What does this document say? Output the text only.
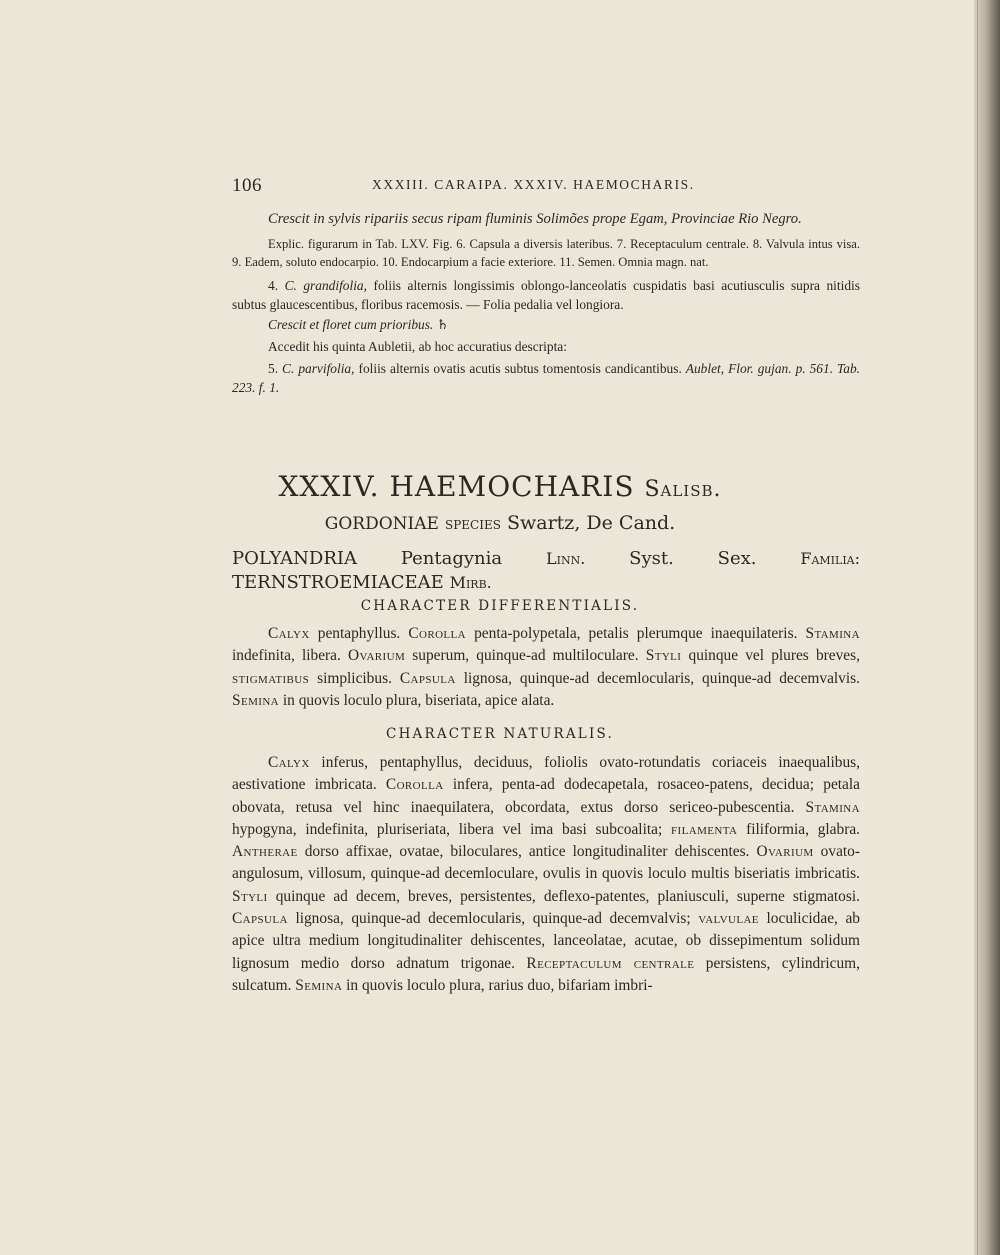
106	XXXIII. CARAIPA. XXXIV. HAEMOCHARIS.

Crescit in sylvis ripariis secus ripam fluminis Solimões prope Egam, Provinciae Rio Negro.

Explic. figurarum in Tab. LXV. Fig. 6. Capsula a diversis lateribus. 7. Receptaculum centrale. 8. Valvula intus visa. 9. Eadem, soluto endocarpio. 10. Endocarpium a facie exteriore. 11. Semen. Omnia magn. nat.

4. C. grandifolia, foliis alternis longissimis oblongo-lanceolatis cuspidatis basi acutiusculis supra nitidis subtus glaucescentibus, floribus racemosis. — Folia pedalia vel longiora.

Crescit et floret cum prioribus. ♄

Accedit his quinta Aubletii, ab hoc accuratius descripta:

5. C. parvifolia, foliis alternis ovatis acutis subtus tomentosis candicantibus. Aublet, Flor. gujan. p. 561. Tab. 223. f. 1.

XXXIV. HAEMOCHARIS Salisb.
GORDONIAE species Swartz, De Cand.
POLYANDRIA Pentagynia	Linn. Syst. Sex.	Familia: TERNSTROEMIACEAE Mirb.
CHARACTER DIFFERENTIALIS.

Calyx pentaphyllus. Corolla penta-polypetala, petalis plerumque inaequilateris. Stamina indefinita, libera. Ovarium superum, quinque-ad multiloculare. Styli quinque vel plures breves, stigmatibus simplicibus. Capsula lignosa, quinque-ad decemlocularis, quinque-ad decemvalvis. Semina in quovis loculo plura, biseriata, apice alata.

CHARACTER NATURALIS.

Calyx inferus, pentaphyllus, deciduus, foliolis ovato-rotundatis coriaceis inaequalibus, aestivatione imbricata. Corolla infera, penta-ad dodecapetala, rosaceo-patens, decidua; petala obovata, retusa vel hinc inaequilatera, obcordata, extus dorso sericeo-pubescentia. Stamina hypogyna, indefinita, pluriseriata, libera vel ima basi subcoalita; filamenta filiformia, glabra. Antherae dorso affixae, ovatae, biloculares, antice longitudinaliter dehiscentes. Ovarium ovato-angulosum, villosum, quinque-ad decemloculare, ovulis in quovis loculo multis biseriatis imbricatis. Styli quinque ad decem, breves, persistentes, deflexo-patentes, planiusculi, superne stigmatosi. Capsula lignosa, quinque-ad decemlocularis, quinque-ad decemvalvis; valvulae loculicidae, ab apice ultra medium longitudinaliter dehiscentes, lanceolatae, acutae, ob dissepimentum solidum lignosum medio dorso adnatum trigonae. Receptaculum centrale persistens, cylindricum, sulcatum. Semina in quovis loculo plura, rarius duo, bifariam imbri-
